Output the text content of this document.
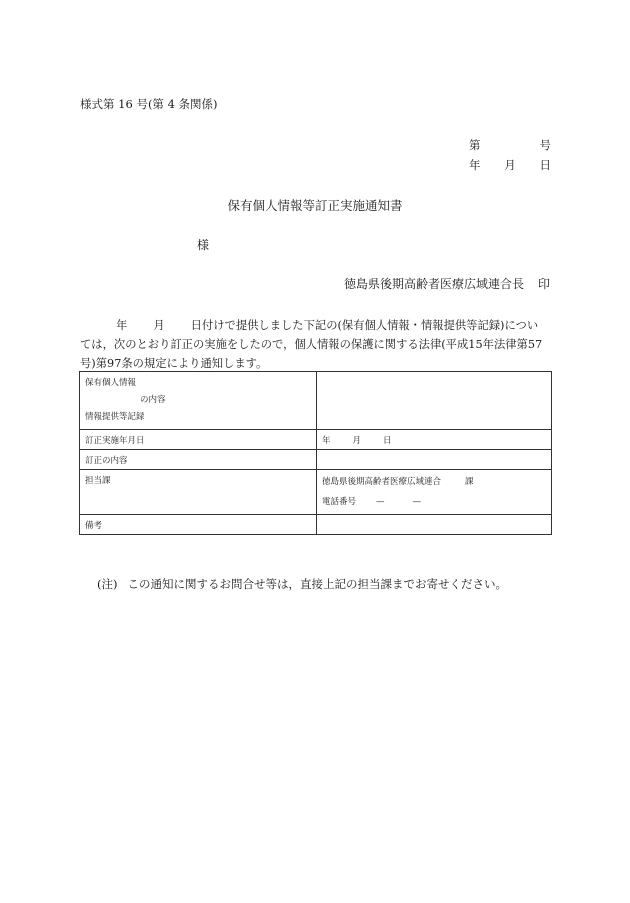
様式第 16 号(第 4 条関係)
第	号
年 月 日
保有個人情報等訂正実施通知書
様
徳島県後期高齢者医療広域連合長 印
年 月 日付けで提供しました下記の(保有個人情報・情報提供等記録)につい
ては，次のとおり訂正の実施をしたので，個人情報の保護に関する法律(平成15年法律第57
号)第97条の規定により通知します。
保有個人情報
の内容
情報提供等記録	

訂正実施年月日	年 月 日
訂正の内容	
担当課	徳島県後期高齢者医療広域連合 課
電話番号 — —

備考	
(注) この通知に関するお問合せ等は，直接上記の担当課までお寄せください。
